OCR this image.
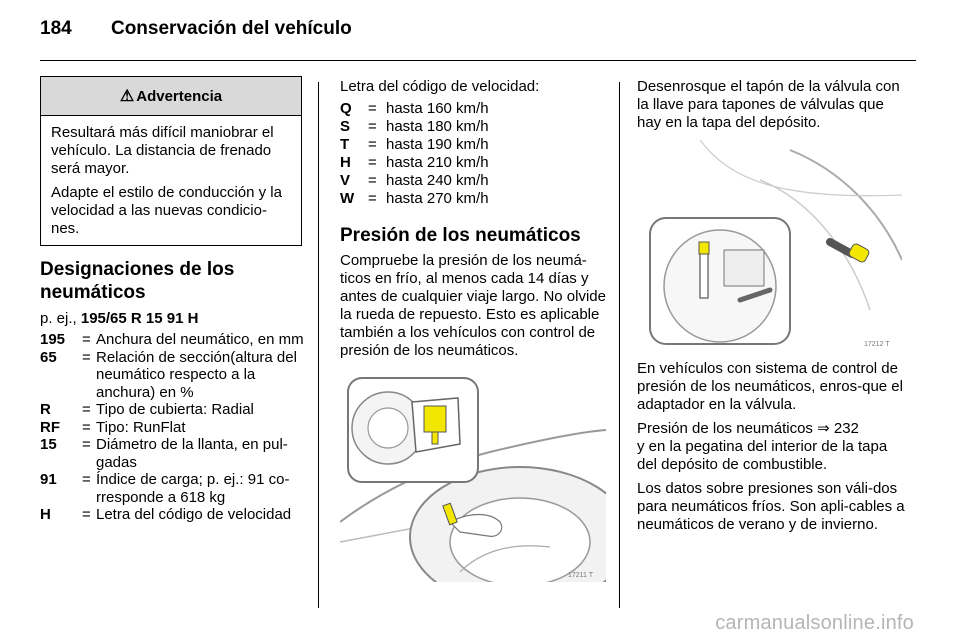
184 Conservación del vehículo
⚠ Advertencia

Resultará más difícil maniobrar el vehículo. La distancia de frenado será mayor.

Adapte el estilo de conducción y la velocidad a las nuevas condicio-nes.

Designaciones de los neumáticos

p. ej., 195/65 R 15 91 H

195	= Anchura del neumático, en mm
65	= Relación de sección(altura del neumático respecto a la anchura) en %
R	= Tipo de cubierta: Radial
RF	= Tipo: RunFlat
15	= Diámetro de la llanta, en pul-gadas
91	= Índice de carga; p. ej.: 91 co-rresponde a 618 kg
H	= Letra del código de velocidad

Letra del código de velocidad:

Q	= hasta 160 km/h
S	= hasta 180 km/h
T	= hasta 190 km/h
H	= hasta 210 km/h
V	= hasta 240 km/h
W = hasta 270 km/h
Presión de los neumáticos

Compruebe la presión de los neumá-ticos en frío, al menos cada 14 días y antes de cualquier viaje largo. No olvide la rueda de repuesto. Esto es aplicable también a los vehículos con control de presión de los neumáticos.

17211 T

Desenrosque el tapón de la válvula con la llave para tapones de válvulas que hay en la tapa del depósito.

17212 T

En vehículos con sistema de control de presión de los neumáticos, enros-que el adaptador en la válvula.

Presión de los neumáticos ⇒ 232
y en la pegatina del interior de la tapa del depósito de combustible.

Los datos sobre presiones son váli-dos para neumáticos fríos. Son apli-cables a neumáticos de verano y de invierno.

carmanualsonline.info
